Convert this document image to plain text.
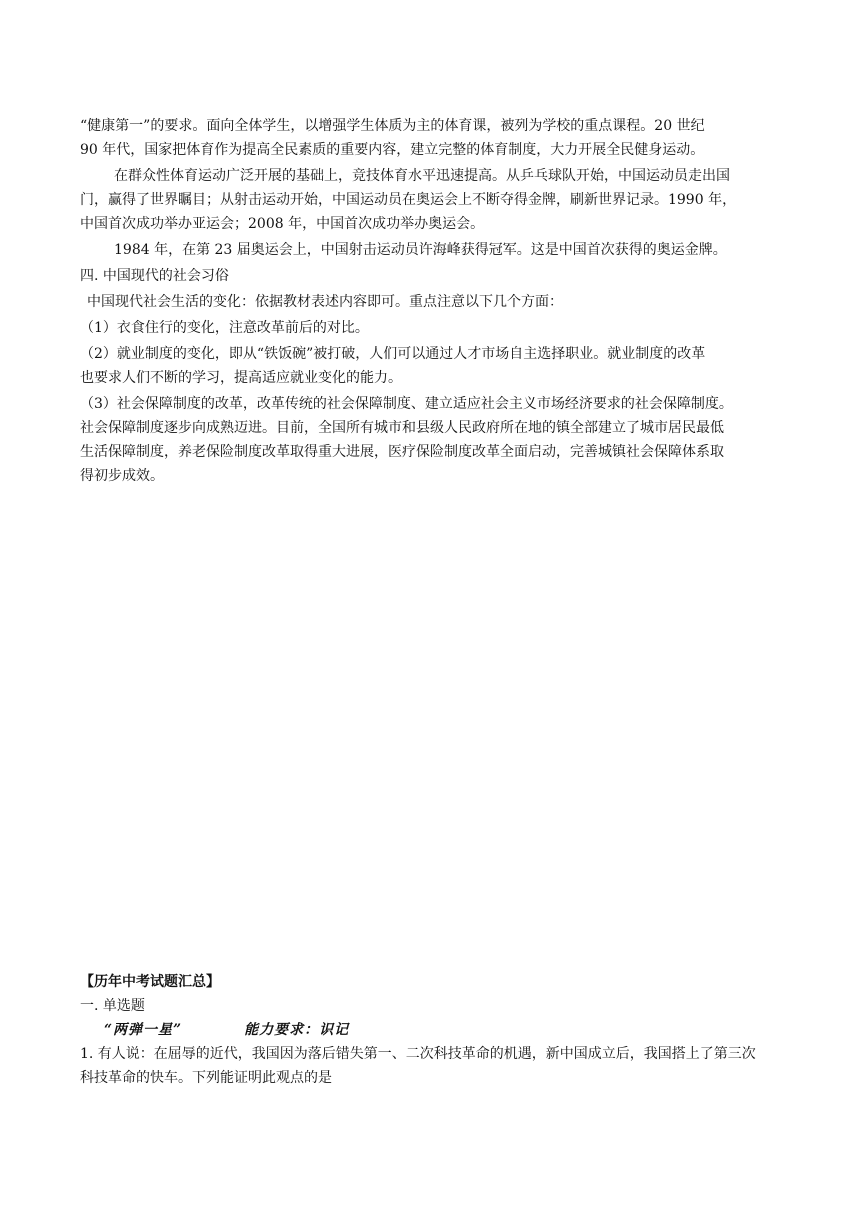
“健康第一”的要求。面向全体学生，以增强学生体质为主的体育课，被列为学校的重点课程。20 世纪
90 年代，国家把体育作为提高全民素质的重要内容，建立完整的体育制度，大力开展全民健身运动。
在群众性体育运动广泛开展的基础上，竞技体育水平迅速提高。从乒乓球队开始，中国运动员走出国
门，赢得了世界瞩目；从射击运动开始，中国运动员在奥运会上不断夺得金牌，刷新世界记录。1990 年，
中国首次成功举办亚运会；2008 年，中国首次成功举办奥运会。
1984 年，在第 23 届奥运会上，中国射击运动员许海峰获得冠军。这是中国首次获得的奥运金牌。
四. 中国现代的社会习俗
中国现代社会生活的变化：依据教材表述内容即可。重点注意以下几个方面：
（1）衣食住行的变化，注意改革前后的对比。
（2）就业制度的变化，即从“铁饭碗”被打破，人们可以通过人才市场自主选择职业。就业制度的改革
也要求人们不断的学习，提高适应就业变化的能力。
（3）社会保障制度的改革，改革传统的社会保障制度、建立适应社会主义市场经济要求的社会保障制度。
社会保障制度逐步向成熟迈进。目前，全国所有城市和县级人民政府所在地的镇全部建立了城市居民最低
生活保障制度，养老保险制度改革取得重大进展，医疗保险制度改革全面启动，完善城镇社会保障体系取
得初步成效。
【历年中考试题汇总】
一. 单选题
“两弹一星”	能力要求：识记
1. 有人说：在屈辱的近代，我国因为落后错失第一、二次科技革命的机遇，新中国成立后，我国搭上了第三次
科技革命的快车。下列能证明此观点的是
